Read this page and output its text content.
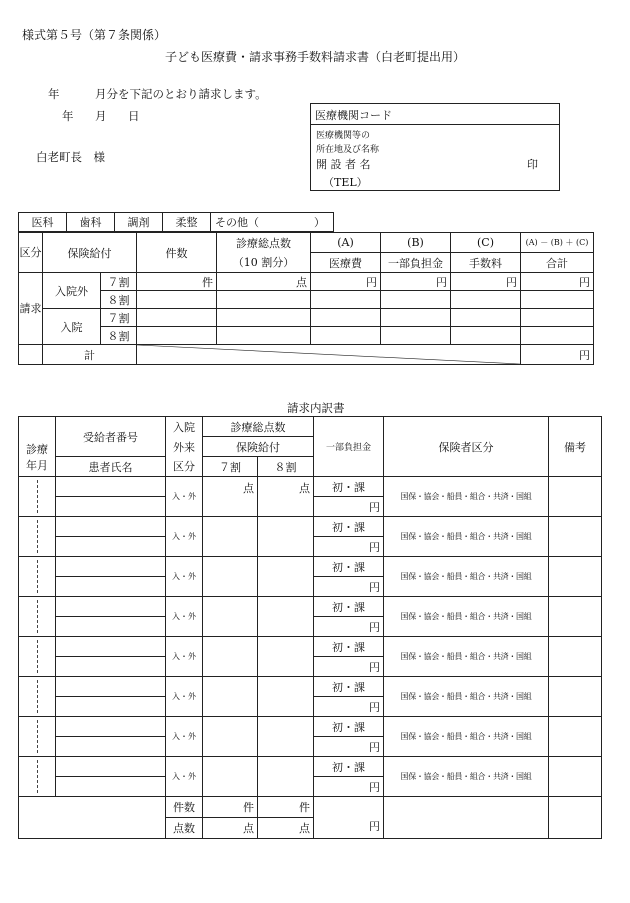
様式第５号（第７条関係）
子ども医療費・請求事務手数料請求書（白老町提出用）
年	月分を下記のとおり請求します。
年 月 日
白老町長　様
医療機関コード
医療機関等の
所在地及び名称
開 設 者 名	印
（TEL）
医科	歯科	調剤	柔整	その他（　　　　　）
区分	保険給付		件数	診療総点数	(A)	(B)	(C)	(A) － (B) ＋ (C)
				（10 割分）	医療費	一部負担金	手数料	合計
請求	入院外	７割	件	点	円	円	円	円
		８割						
	入院	７割						
		８割						
	計							円
請求内訳書
診療	受給者番号	入院	診療総点数		一部負担金	保険者区分	備考
		外来	保険給付				
年月	患者氏名	区分	７割	８割			

	入・外	点	点	初・課	国保・協会・船員・組合・共済・国組	
					円		

	入・外			初・課	国保・協会・船員・組合・共済・国組	
					円		

	入・外			初・課	国保・協会・船員・組合・共済・国組	
					円		

	入・外			初・課	国保・協会・船員・組合・共済・国組	
					円		

	入・外			初・課	国保・協会・船員・組合・共済・国組	
					円		

	入・外			初・課	国保・協会・船員・組合・共済・国組	
					円		

	入・外			初・課	国保・協会・船員・組合・共済・国組	
					円		

	入・外			初・課	国保・協会・船員・組合・共済・国組	
					円		
		件数	件	件	円		
		点数	点	点			
